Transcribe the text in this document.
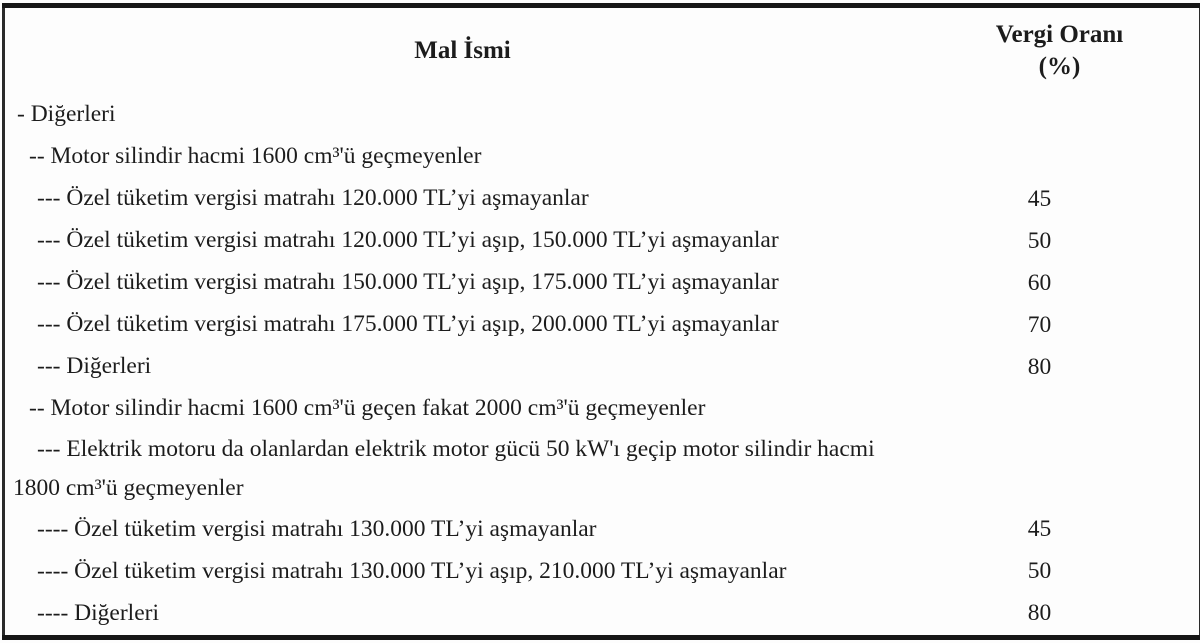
Mal İsmi	Vergi Oranı
(%)

- Diğerleri	
-- Motor silindir hacmi 1600 cm³'ü geçmeyenler	
--- Özel tüketim vergisi matrahı 120.000 TL’yi aşmayanlar	45
--- Özel tüketim vergisi matrahı 120.000 TL’yi aşıp, 150.000 TL’yi aşmayanlar	50
--- Özel tüketim vergisi matrahı 150.000 TL’yi aşıp, 175.000 TL’yi aşmayanlar	60
--- Özel tüketim vergisi matrahı 175.000 TL’yi aşıp, 200.000 TL’yi aşmayanlar	70
--- Diğerleri	80
-- Motor silindir hacmi 1600 cm³'ü geçen fakat 2000 cm³'ü geçmeyenler	
--- Elektrik motoru da olanlardan elektrik motor gücü 50 kW'ı geçip motor silindir hacmi 1800 cm³'ü geçmeyenler	
---- Özel tüketim vergisi matrahı 130.000 TL’yi aşmayanlar	45
---- Özel tüketim vergisi matrahı 130.000 TL’yi aşıp, 210.000 TL’yi aşmayanlar	50
---- Diğerleri	80
